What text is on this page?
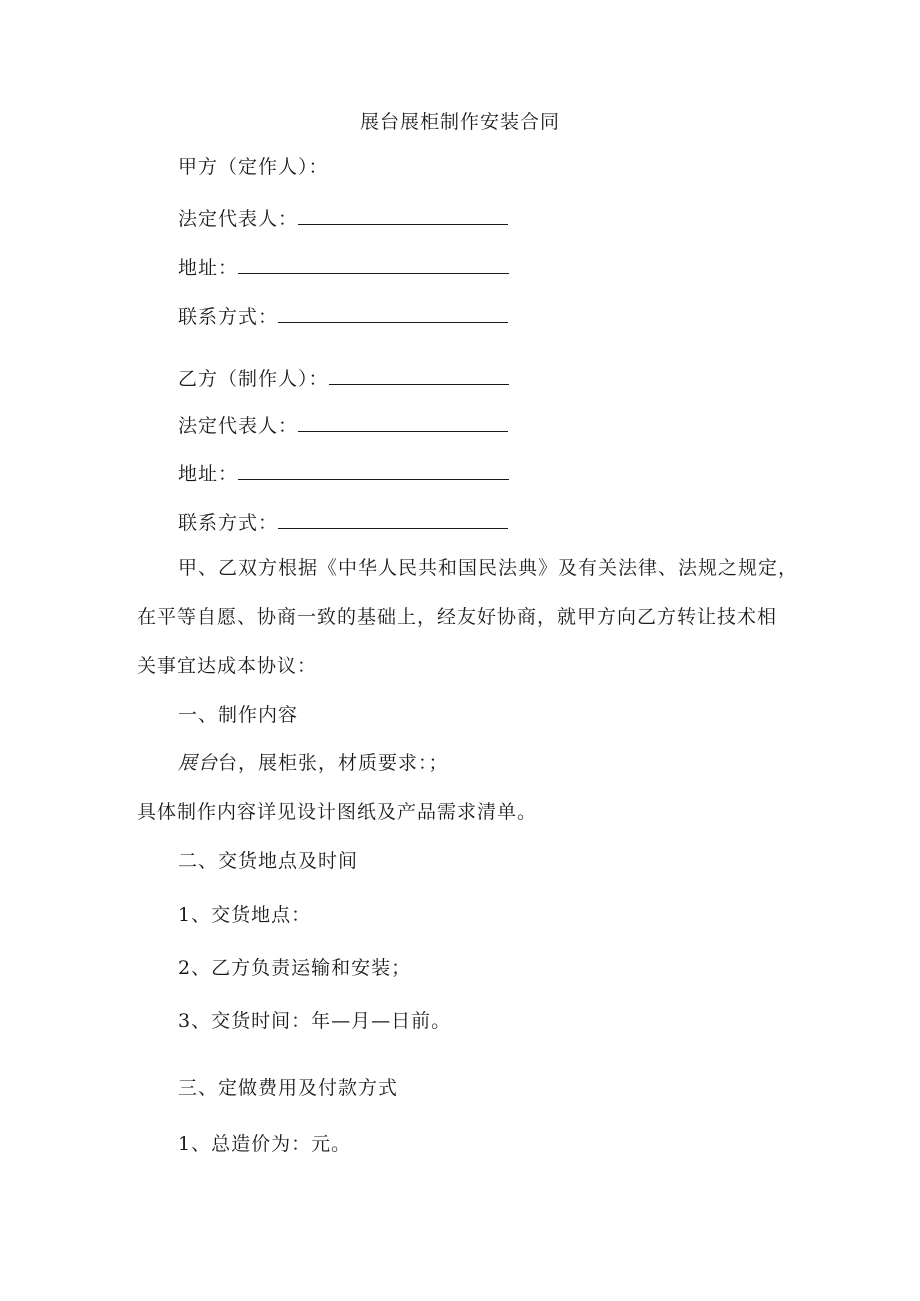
展台展柜制作安装合同
甲方（定作人）：
法定代表人：
地址：
联系方式：
乙方（制作人）：
法定代表人：
地址：
联系方式：
甲、乙双方根据《中华人民共和国民法典》及有关法律、法规之规定，
在平等自愿、协商一致的基础上，经友好协商，就甲方向乙方转让技术相
关事宜达成本协议：
一、制作内容
展台台，展柜张，材质要求：；
具体制作内容详见设计图纸及产品需求清单。
二、交货地点及时间
1、交货地点：
2、乙方负责运输和安装；
3、交货时间：年—月—日前。
三、定做费用及付款方式
1、总造价为：元。
